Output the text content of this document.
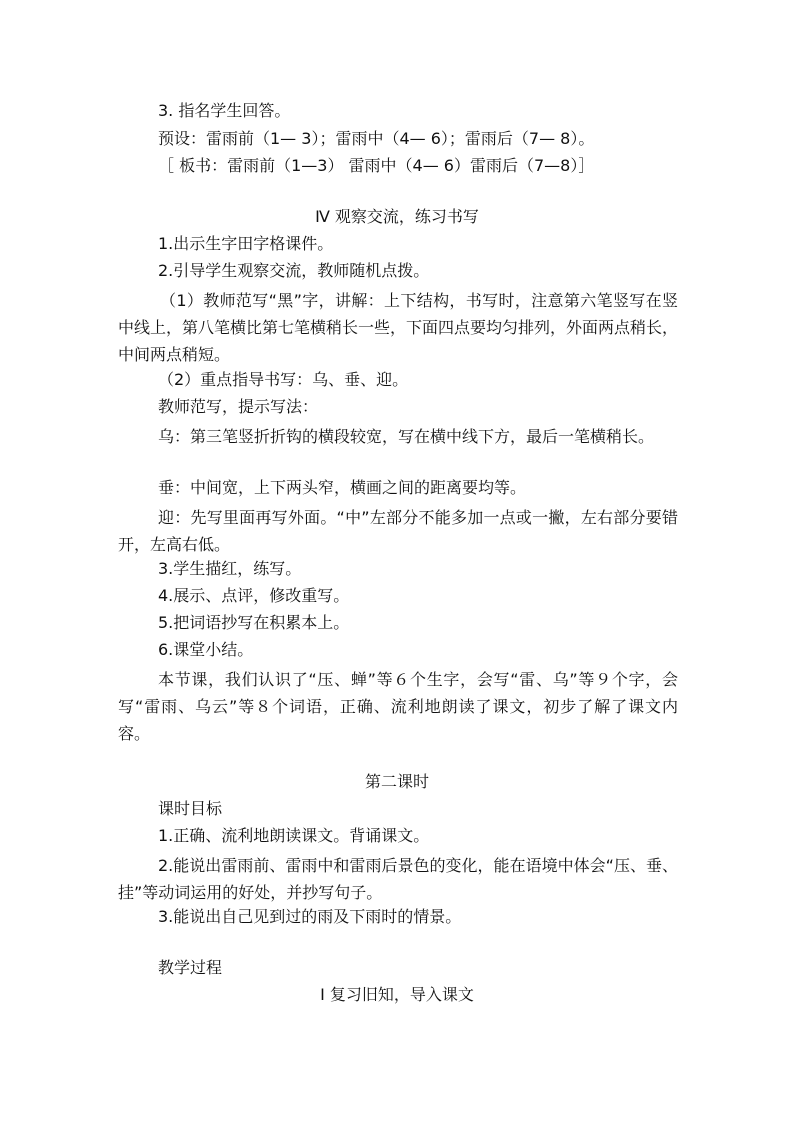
3. 指名学生回答。
预设：雷雨前（1— 3）；雷雨中（4— 6）；雷雨后（7— 8）。
［ 板书：雷雨前（1—3） 雷雨中（4— 6）雷雨后（7—8）］
Ⅳ 观察交流，练习书写
1.出示生字田字格课件。
2.引导学生观察交流，教师随机点拨。
（1）教师范写“黑”字，讲解：上下结构，书写时，注意第六笔竖写在竖中线上，第八笔横比第七笔横稍长一些，下面四点要均匀排列，外面两点稍长，中间两点稍短。
（2）重点指导书写：乌、垂、迎。
教师范写，提示写法：
乌：第三笔竖折折钩的横段较宽，写在横中线下方，最后一笔横稍长。
垂：中间宽，上下两头窄，横画之间的距离要均等。
迎：先写里面再写外面。“中”左部分不能多加一点或一撇，左右部分要错开，左高右低。
3.学生描红，练写。
4.展示、点评，修改重写。
5.把词语抄写在积累本上。
6.课堂小结。
本节课，我们认识了“压、蝉”等６个生字，会写“雷、乌”等９个字，会写“雷雨、乌云”等８个词语，正确、流利地朗读了课文，初步了解了课文内容。
第二课时
课时目标
1.正确、流利地朗读课文。背诵课文。
2.能说出雷雨前、雷雨中和雷雨后景色的变化，能在语境中体会“压、垂、挂”等动词运用的好处，并抄写句子。
3.能说出自己见到过的雨及下雨时的情景。
教学过程
Ⅰ 复习旧知，导入课文
